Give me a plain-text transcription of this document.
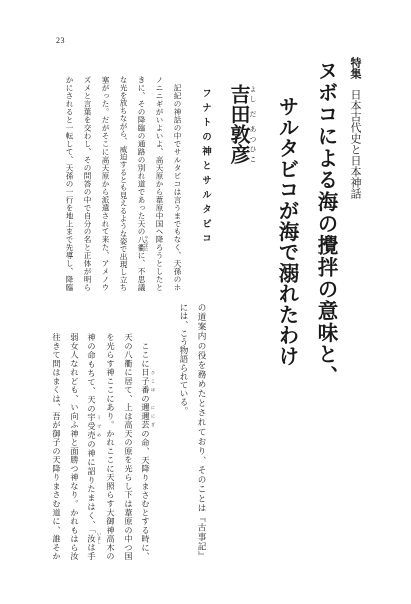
23
特集日本古代史と日本神話
ヌボコによる海の攪拌の意味と、
サルタビコが海で溺れたわけ
吉よし田だ敦あつ彦ひこ
フナトの神とサルタビコ
　記紀の神話の中でサルタビコは言うまでもなく、天孫のホ
ノニニギがいよいよ、高天原から葦原中国へ降ろうとしたと
きに、その降臨の通路の別れ道であった天の八衢 やちまたに、不思議
な光を放ちながら、威迫するとも見えるような姿で出現し立ち
塞がった。だがそこに高天原から派遣されて来た、アメノウ
ズメと言葉を交わし、その問答の中で自分の名と正体が明ら
かにされると一転して、天孫の一行を地上まで先導し、降臨
の道案内の役を務めたとされており、そのことは『古事記』
には、こう物語られている。
　ここに日子番 ひこほの邇邇芸 ににぎの命、天降りまさむとする時に、
天の八衢に居て、上は高天の原を光らし下は葦原の中つ国
を光らす神ここにあり。かれここに天照らす大御神高木の
神の命もちて、天の宇受売 うずめの神に詔りたまはく、「汝 いましは手
弱女人なれども、い向ふ神と面勝つ神なり。かれもはら汝
往きて問はまくは、吾が御子の天降りまさむ道に、誰そか
